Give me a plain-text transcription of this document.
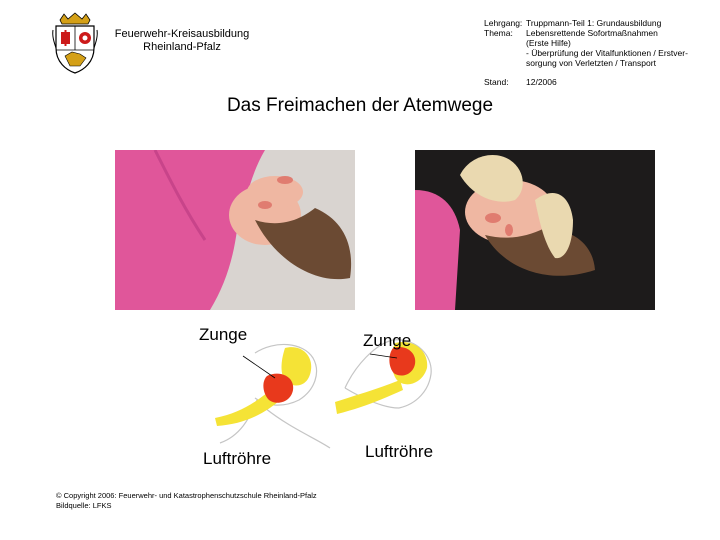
Feuerwehr-Kreisausbildung
Rheinland-Pfalz
Lehrgang: Truppmann-Teil 1: Grundausbildung
Thema:	Lebensrettende Sofortmaßnahmen
(Erste Hilfe)
- Überprüfung der Vitalfunktionen / Erstver-
sorgung von Verletzten / Transport
Stand:	12/2006
Das Freimachen der Atemwege
Zunge
Luftröhre
Zunge
Luftröhre
© Copyright 2006: Feuerwehr- und Katastrophenschutzschule Rheinland-Pfalz
Bildquelle: LFKS
